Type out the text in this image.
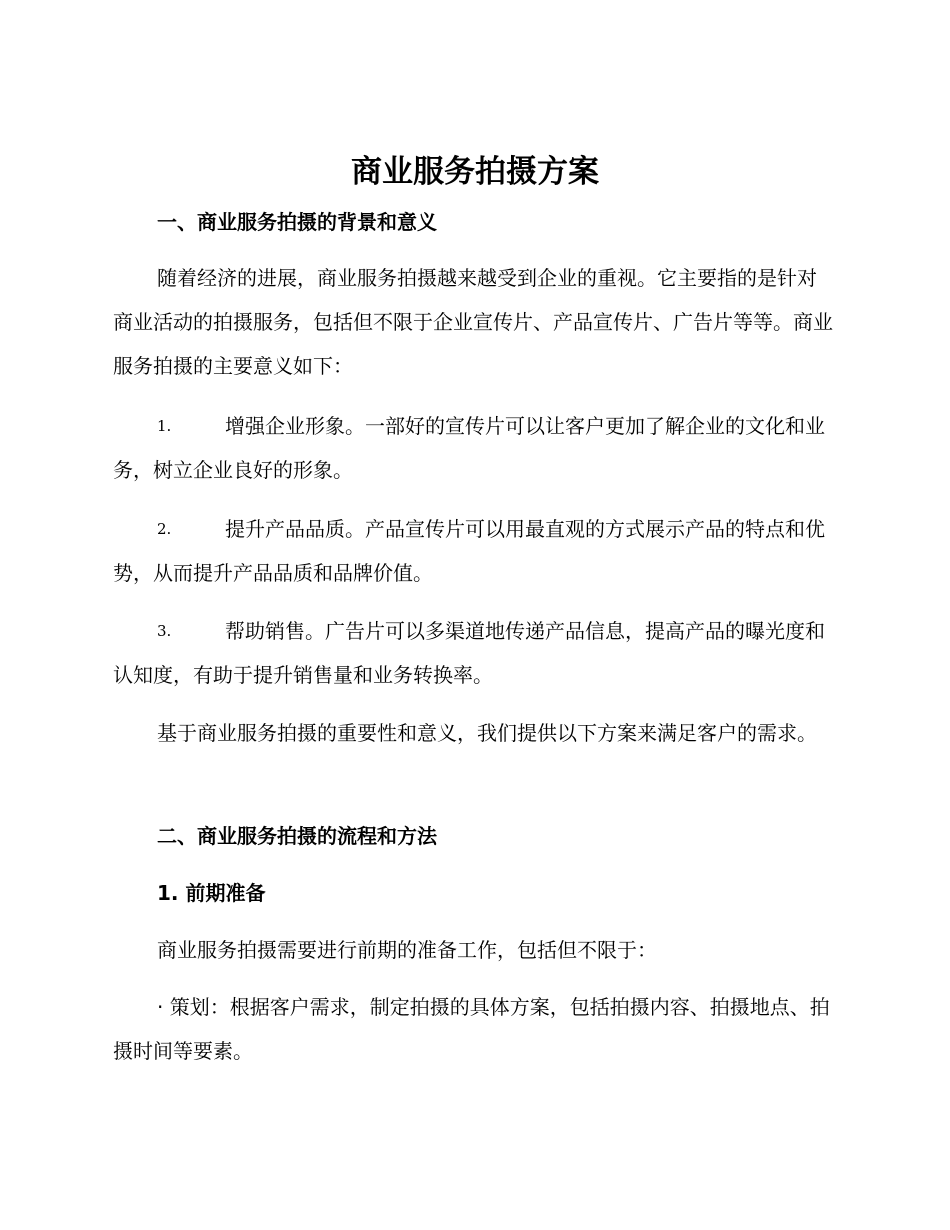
商业服务拍摄方案
一、商业服务拍摄的背景和意义

随着经济的进展，商业服务拍摄越来越受到企业的重视。它主要指的是针对商业活动的拍摄服务，包括但不限于企业宣传片、产品宣传片、广告片等等。商业服务拍摄的主要意义如下：

1.	增强企业形象。一部好的宣传片可以让客户更加了解企业的文化和业务，树立企业良好的形象。

2.	提升产品品质。产品宣传片可以用最直观的方式展示产品的特点和优势，从而提升产品品质和品牌价值。

3.	帮助销售。广告片可以多渠道地传递产品信息，提高产品的曝光度和认知度，有助于提升销售量和业务转换率。

基于商业服务拍摄的重要性和意义，我们提供以下方案来满足客户的需求。

二、商业服务拍摄的流程和方法
1. 前期准备

商业服务拍摄需要进行前期的准备工作，包括但不限于：

· 策划：根据客户需求，制定拍摄的具体方案，包括拍摄内容、拍摄地点、拍摄时间等要素。
